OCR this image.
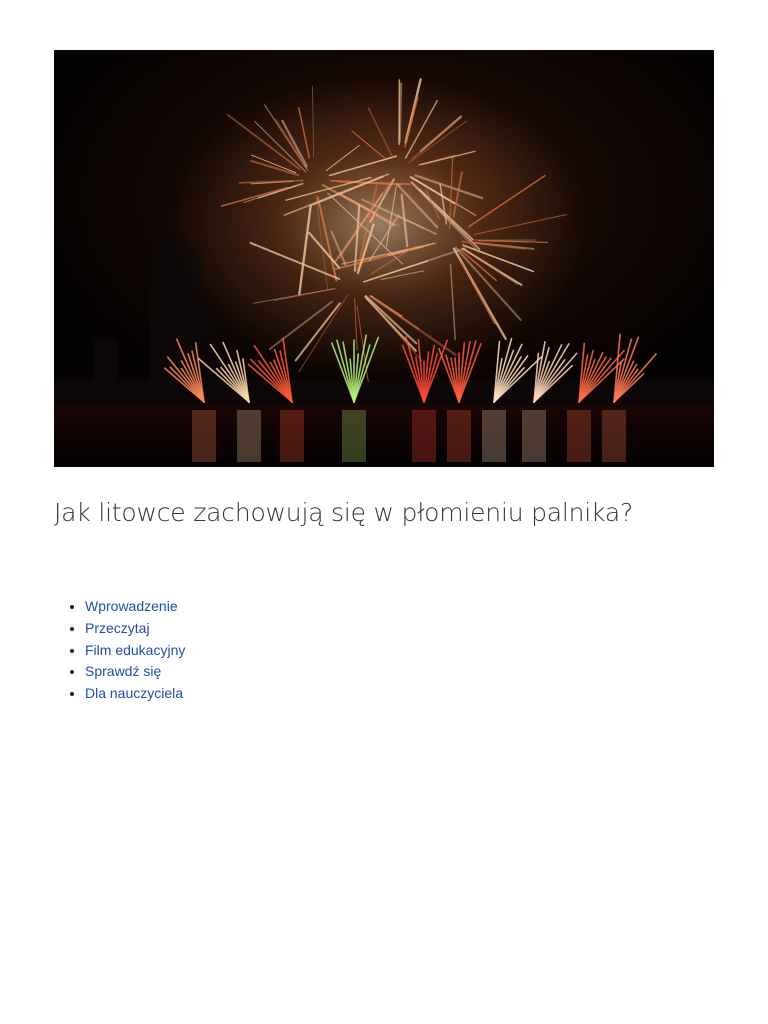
Jak litowce zachowują się w płomieniu palnika?
Wprowadzenie
Przeczytaj
Film edukacyjny
Sprawdź się
Dla nauczyciela
